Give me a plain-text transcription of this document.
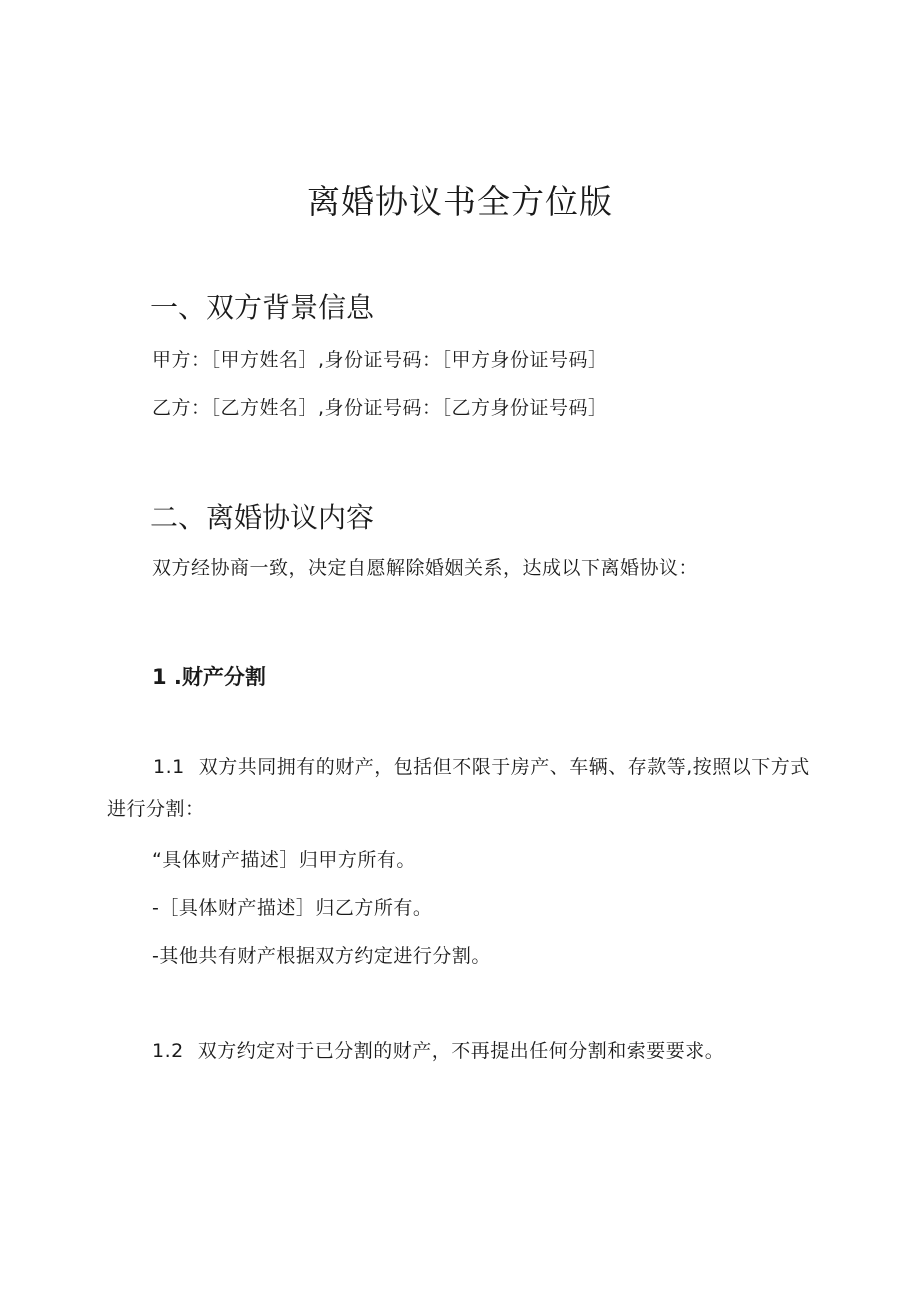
离婚协议书全方位版
一、双方背景信息

甲方：［甲方姓名］,身份证号码：［甲方身份证号码］

乙方：［乙方姓名］,身份证号码：［乙方身份证号码］

二、离婚协议内容

双方经协商一致，决定自愿解除婚姻关系，达成以下离婚协议：

1 .财产分割

1.1 双方共同拥有的财产，包括但不限于房产、车辆、存款等,按照以下方式进行分割：

“具体财产描述］归甲方所有。

-［具体财产描述］归乙方所有。

-其他共有财产根据双方约定进行分割。

1.2 双方约定对于已分割的财产，不再提出任何分割和索要要求。
